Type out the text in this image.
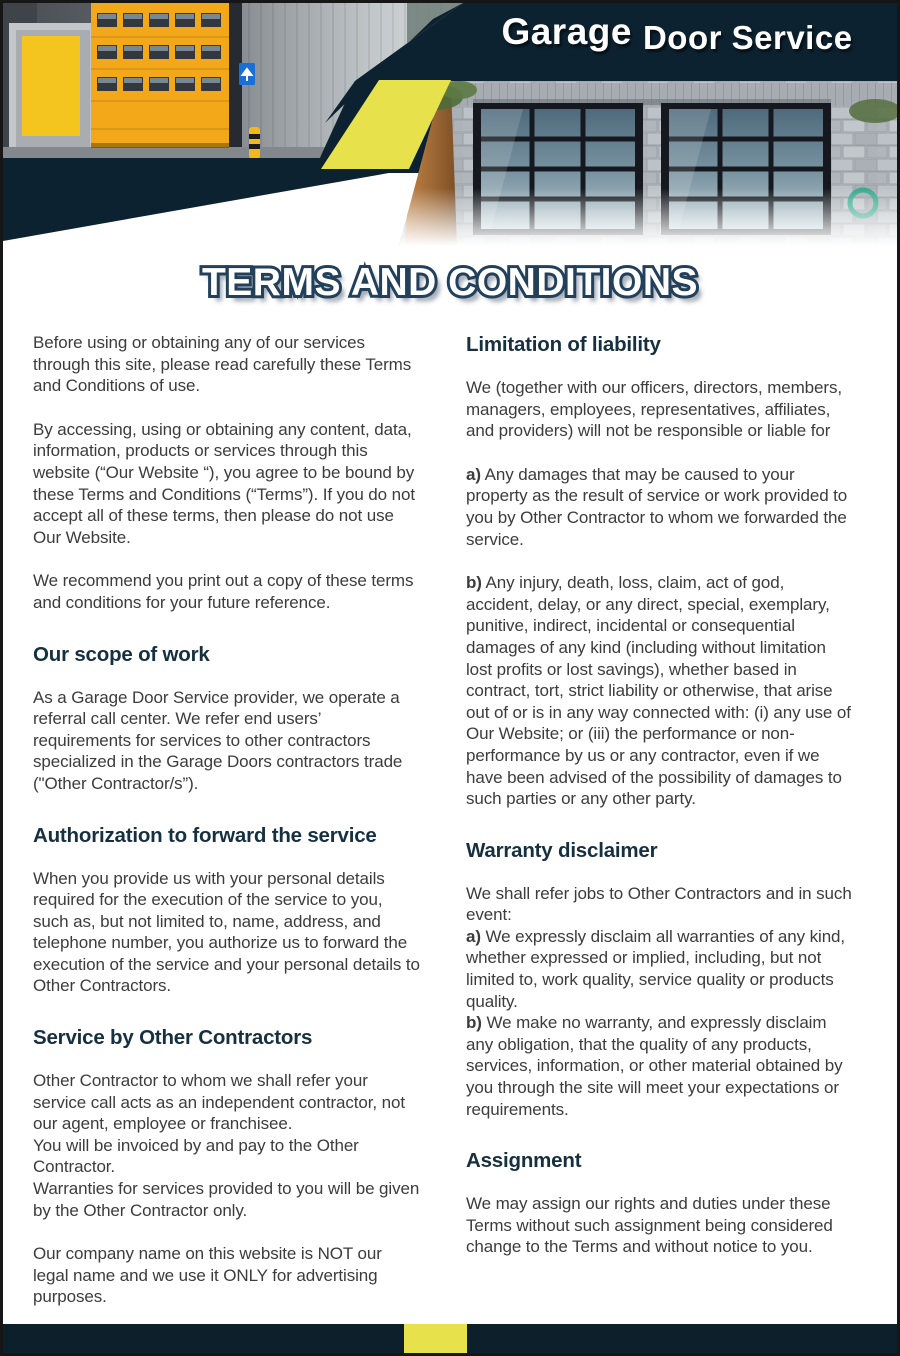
Garage Door Service
TERMS AND CONDITIONS TERMS AND CONDITIONS

Before using or obtaining any of our services through this site, please read carefully these Terms and Conditions of use.

By accessing, using or obtaining any content, data, information, products or services through this website (“Our Website “), you agree to be bound by these Terms and Conditions (“Terms”). If you do not accept all of these terms, then please do not use Our Website.

We recommend you print out a copy of these terms and conditions for your future reference.

Our scope of work

As a Garage Door Service provider, we operate a referral call center. We refer end users’ requirements for services to other contractors specialized in the Garage Doors contractors trade ("Other Contractor/s”).

Authorization to forward the service

When you provide us with your personal details required for the execution of the service to you, such as, but not limited to, name, address, and telephone number, you authorize us to forward the execution of the service and your personal details to Other Contractors.

Service by Other Contractors

Other Contractor to whom we shall refer your service call acts as an independent contractor, not our agent, employee or franchisee.
You will be invoiced by and pay to the Other Contractor.
Warranties for services provided to you will be given by the Other Contractor only.

Our company name on this website is NOT our legal name and we use it ONLY for advertising purposes.

Limitation of liability

We (together with our officers, directors, members, managers, employees, representatives, affiliates, and providers) will not be responsible or liable for

a) Any damages that may be caused to your property as the result of service or work provided to you by Other Contractor to whom we forwarded the service.

b) Any injury, death, loss, claim, act of god, accident, delay, or any direct, special, exemplary, punitive, indirect, incidental or consequential damages of any kind (including without limitation lost profits or lost savings), whether based in contract, tort, strict liability or otherwise, that arise out of or is in any way connected with: (i) any use of Our Website; or (iii) the performance or non-performance by us or any contractor, even if we have been advised of the possibility of damages to such parties or any other party.

Warranty disclaimer

We shall refer jobs to Other Contractors and in such event:
a) We expressly disclaim all warranties of any kind, whether expressed or implied, including, but not limited to, work quality, service quality or products quality.
b) We make no warranty, and expressly disclaim any obligation, that the quality of any products, services, information, or other material obtained by you through the site will meet your expectations or requirements.

Assignment

We may assign our rights and duties under these Terms without such assignment being considered change to the Terms and without notice to you.
